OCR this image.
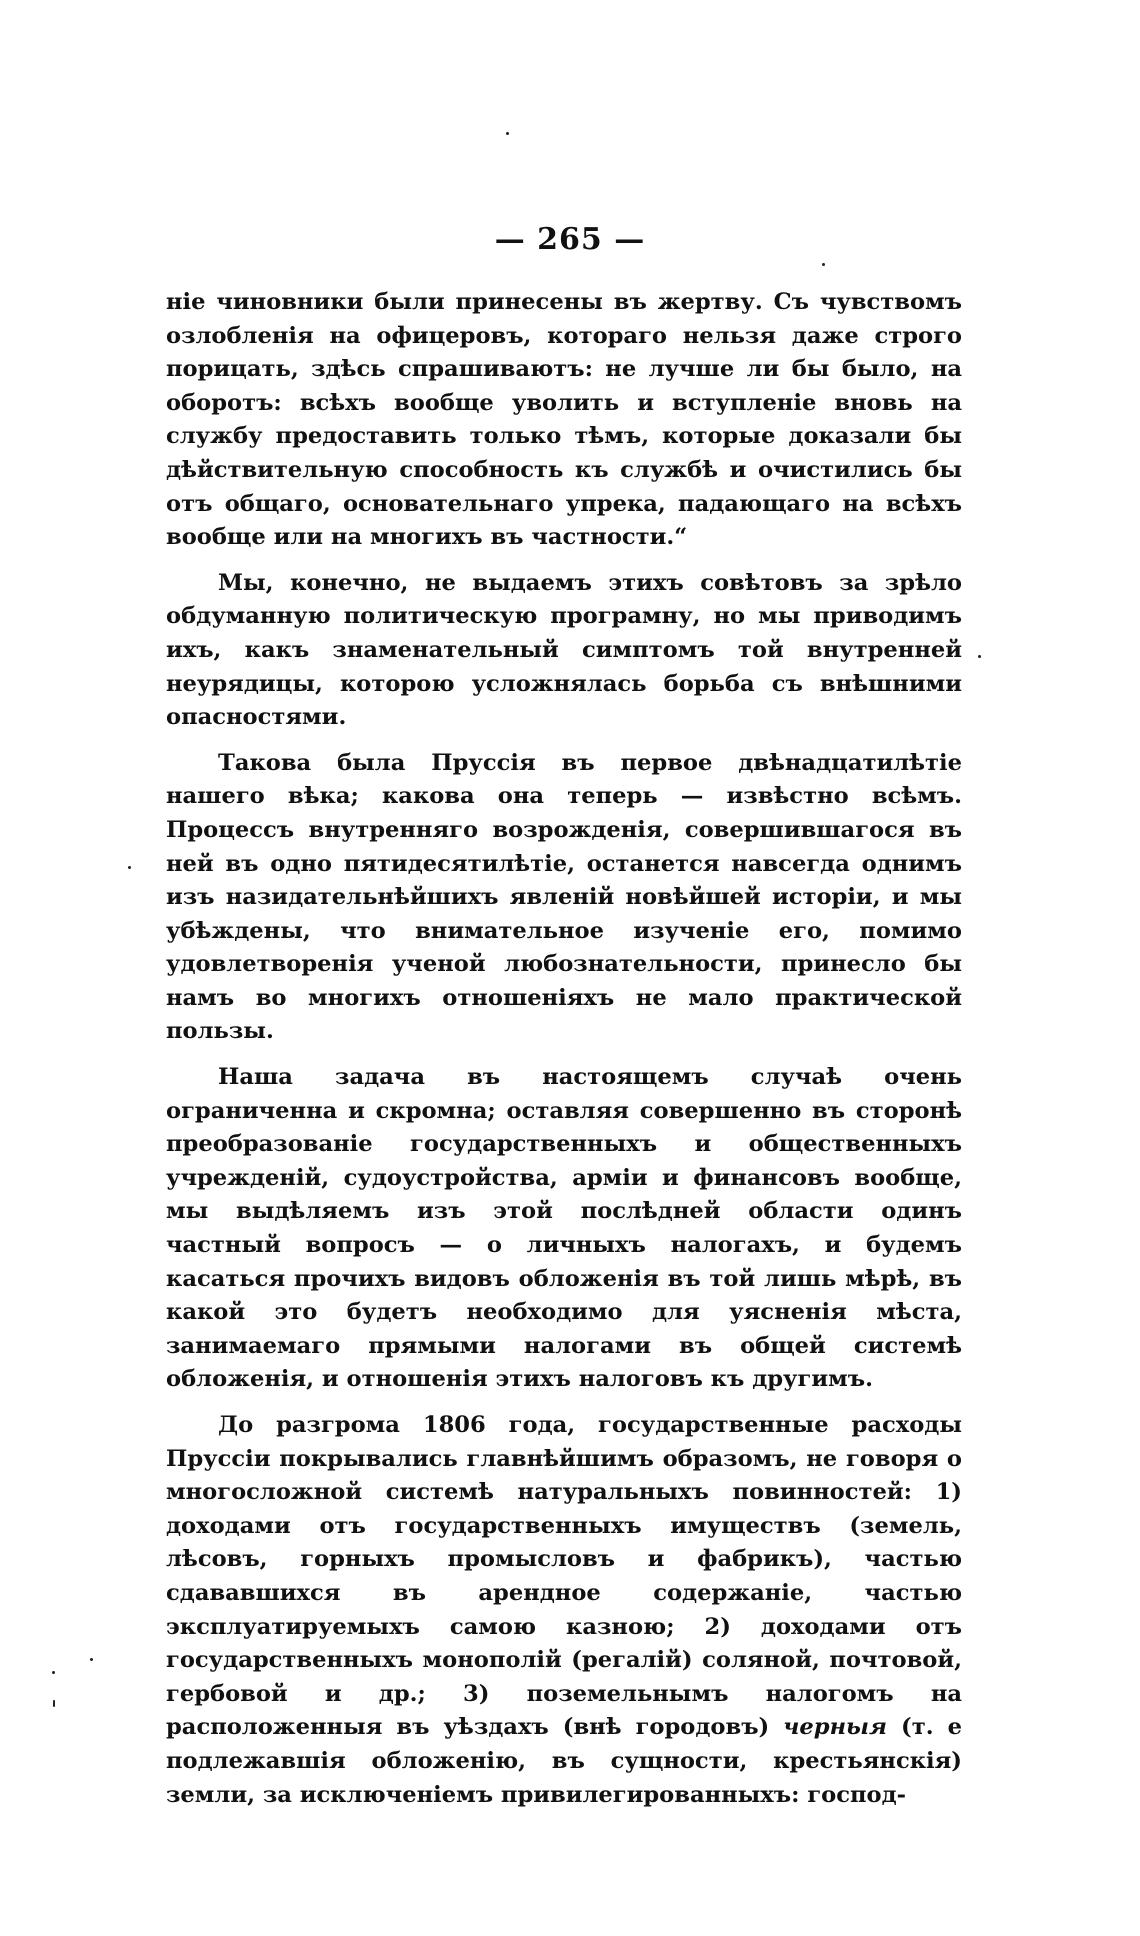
— 265 —

ніе чиновники были принесены въ жертву. Съ чувствомъ озлобленія на офицеровъ, котораго нельзя даже строго порицать, здѣсь спрашиваютъ: не лучше ли бы было, на оборотъ: всѣхъ вообще уволить и вступленіе вновь на службу предоставить только тѣмъ, которые доказали бы дѣйствительную способность къ службѣ и очистились бы отъ общаго, основательнаго упрека, падающаго на всѣхъ вообще или на многихъ въ частности.“

Мы, конечно, не выдаемъ этихъ совѣтовъ за зрѣло обдуманную политическую програмну, но мы приводимъ ихъ, какъ знаменательный симптомъ той внутренней неурядицы, которою усложнялась борьба съ внѣшними опасностями.

Такова была Пруссія въ первое двѣнадцатилѣтіе нашего вѣка; какова она теперь — извѣстно всѣмъ. Процессъ внутренняго возрожденія, совершившагося въ ней въ одно пятидесятилѣтіе, останется навсегда однимъ изъ назидательнѣйшихъ явленій новѣйшей исторіи, и мы убѣждены, что внимательное изученіе его, помимо удовлетворенія ученой любознательности, принесло бы намъ во многихъ отношеніяхъ не мало практической пользы.

Наша задача въ настоящемъ случаѣ очень ограниченна и скромна; оставляя совершенно въ сторонѣ преобразованіе государственныхъ и общественныхъ учрежденій, судоустройства, арміи и финансовъ вообще, мы выдѣляемъ изъ этой послѣдней области одинъ частный вопросъ — о личныхъ налогахъ, и будемъ касаться прочихъ видовъ обложенія въ той лишь мѣрѣ, въ какой это будетъ необходимо для уясненія мѣста, занимаемаго прямыми налогами въ общей системѣ обложенія, и отношенія этихъ налоговъ къ другимъ.

До разгрома 1806 года, государственные расходы Пруссіи покрывались главнѣйшимъ образомъ, не говоря о многосложной системѣ натуральныхъ повинностей: 1) доходами отъ государственныхъ имуществъ (земель, лѣсовъ, горныхъ промысловъ и фабрикъ), частью сдававшихся въ арендное содержаніе, частью эксплуатируемыхъ самою казною; 2) доходами отъ государственныхъ монополій (регалій) соляной, почтовой, гербовой и др.; 3) поземельнымъ налогомъ на расположенныя въ уѣздахъ (внѣ городовъ) черныя (т. е подлежавшія обложенію, въ сущности, крестьянскія) земли, за исключеніемъ привилегированныхъ: господ-
